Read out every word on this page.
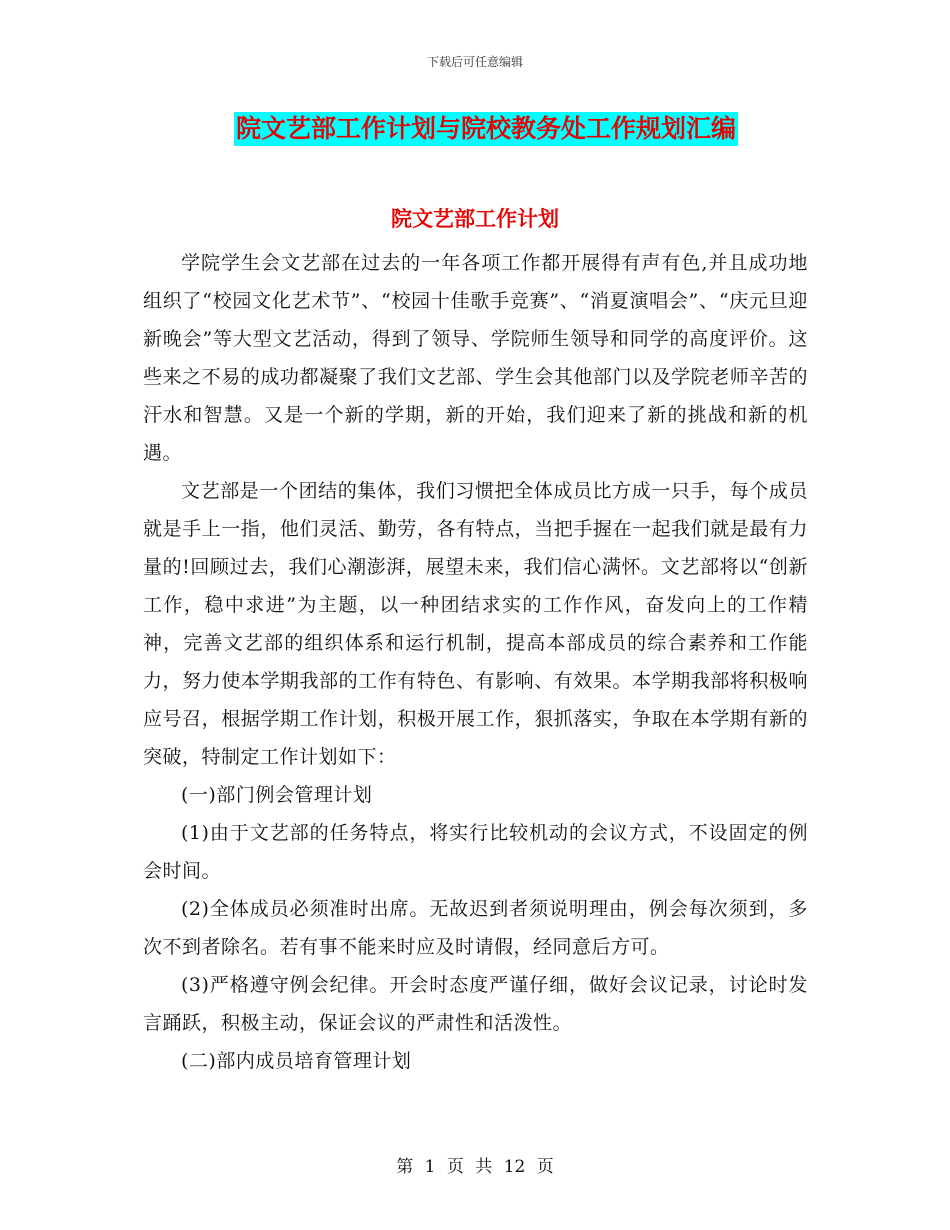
下载后可任意编辑
院文艺部工作计划与院校教务处工作规划汇编
院文艺部工作计划

学院学生会文艺部在过去的一年各项工作都开展得有声有色,并且成功地组织了“校园文化艺术节”、“校园十佳歌手竞赛”、“消夏演唱会”、“庆元旦迎新晚会”等大型文艺活动，得到了领导、学院师生领导和同学的高度评价。这些来之不易的成功都凝聚了我们文艺部、学生会其他部门以及学院老师辛苦的汗水和智慧。又是一个新的学期，新的开始，我们迎来了新的挑战和新的机遇。

文艺部是一个团结的集体，我们习惯把全体成员比方成一只手，每个成员就是手上一指，他们灵活、勤劳，各有特点，当把手握在一起我们就是最有力量的!回顾过去，我们心潮澎湃，展望未来，我们信心满怀。文艺部将以“创新工作，稳中求进”为主题，以一种团结求实的工作作风，奋发向上的工作精神，完善文艺部的组织体系和运行机制，提高本部成员的综合素养和工作能力，努力使本学期我部的工作有特色、有影响、有效果。本学期我部将积极响应号召，根据学期工作计划，积极开展工作，狠抓落实，争取在本学期有新的突破，特制定工作计划如下：

(一)部门例会管理计划

(1)由于文艺部的任务特点，将实行比较机动的会议方式，不设固定的例会时间。

(2)全体成员必须准时出席。无故迟到者须说明理由，例会每次须到，多次不到者除名。若有事不能来时应及时请假，经同意后方可。

(3)严格遵守例会纪律。开会时态度严谨仔细，做好会议记录，讨论时发言踊跃，积极主动，保证会议的严肃性和活泼性。

(二)部内成员培育管理计划

第 1 页 共 12 页
